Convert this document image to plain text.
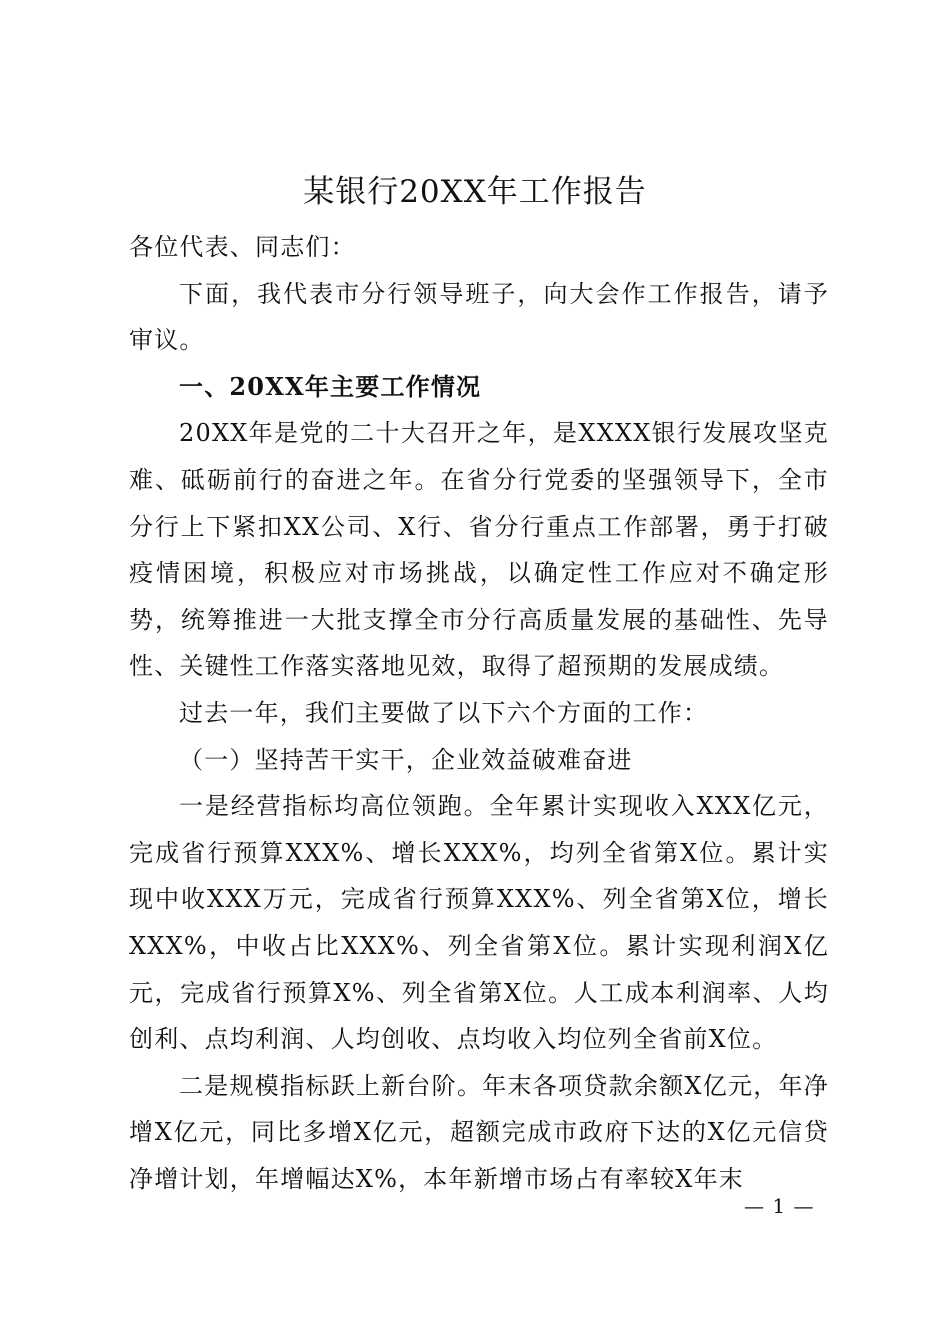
某银行20XX年工作报告

各位代表、同志们：

下面，我代表市分行领导班子，向大会作工作报告，请予审议。

一、20XX年主要工作情况

20XX年是党的二十大召开之年，是XXXX银行发展攻坚克难、砥砺前行的奋进之年。在省分行党委的坚强领导下，全市分行上下紧扣XX公司、X行、省分行重点工作部署，勇于打破疫情困境，积极应对市场挑战，以确定性工作应对不确定形势，统筹推进一大批支撑全市分行高质量发展的基础性、先导性、关键性工作落实落地见效，取得了超预期的发展成绩。

过去一年，我们主要做了以下六个方面的工作：

（一）坚持苦干实干，企业效益破难奋进

一是经营指标均高位领跑。全年累计实现收入XXX亿元，完成省行预算XXX%、增长XXX%，均列全省第X位。累计实现中收XXX万元，完成省行预算XXX%、列全省第X位，增长XXX%，中收占比XXX%、列全省第X位。累计实现利润X亿元，完成省行预算X%、列全省第X位。人工成本利润率、人均创利、点均利润、人均创收、点均收入均位列全省前X位。

二是规模指标跃上新台阶。年末各项贷款余额X亿元，年净增X亿元，同比多增X亿元，超额完成市政府下达的X亿元信贷净增计划，年增幅达X%，本年新增市场占有率较X年末

— 1 —
